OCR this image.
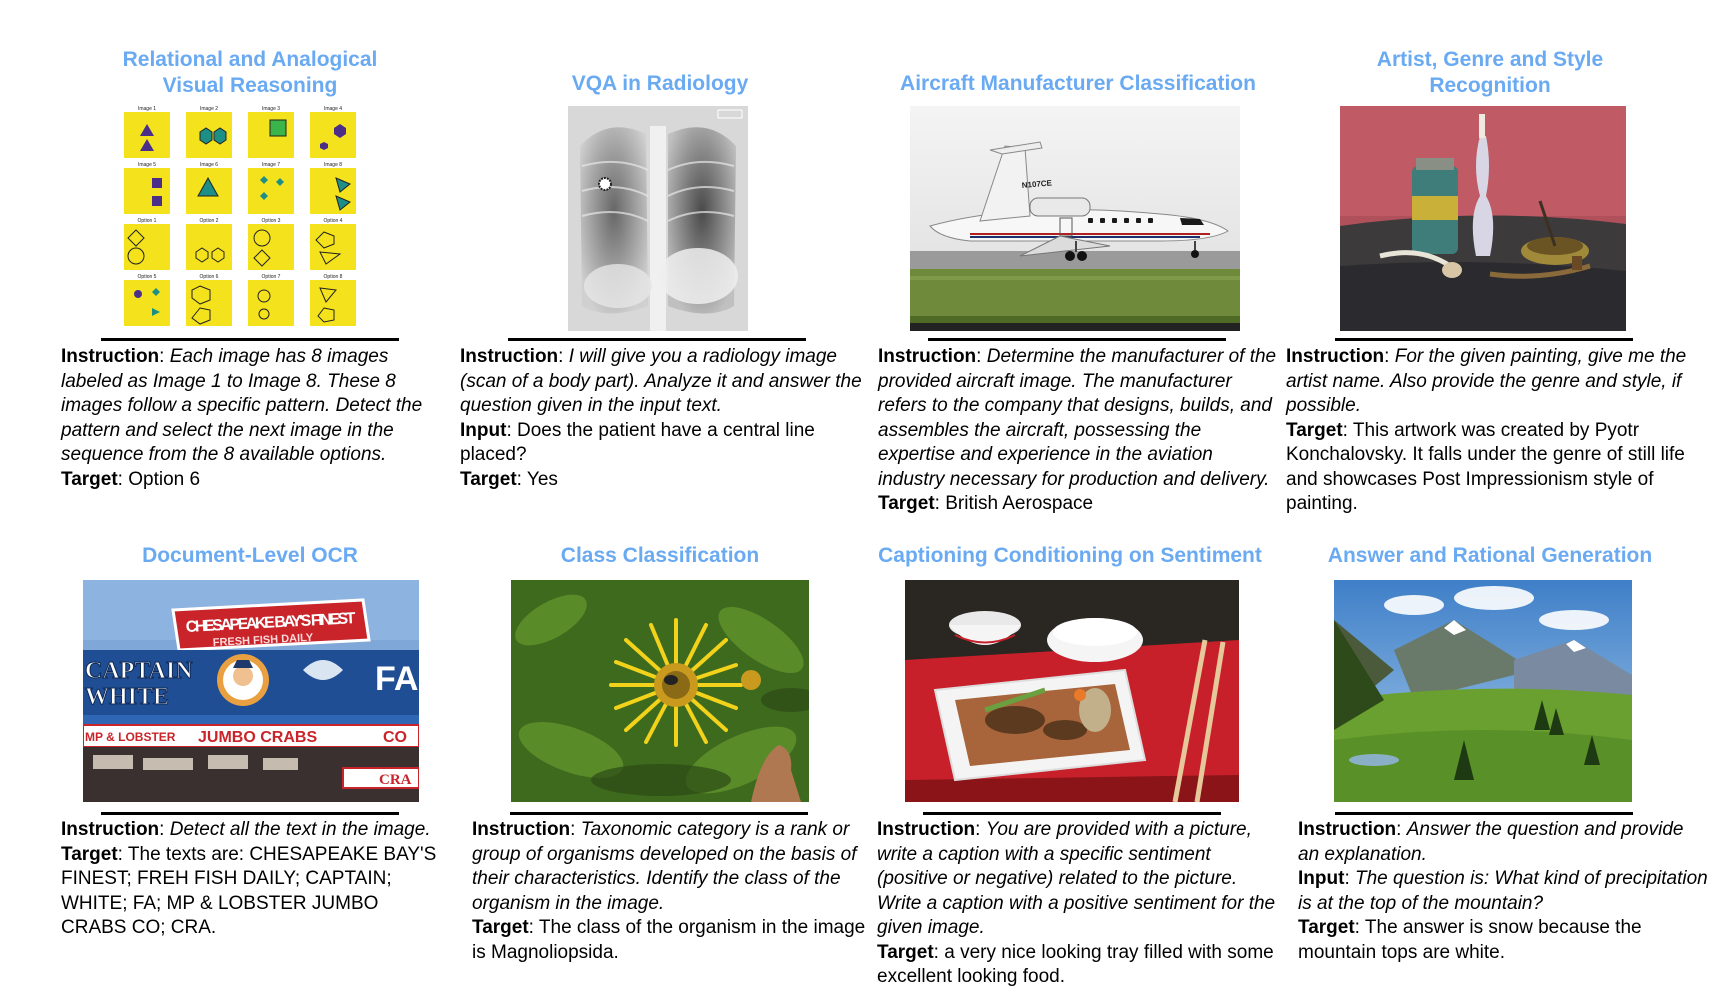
Relational and Analogical Visual Reasoning
Image 1	Image 2	Image 3	Image 4
Image 5	Image 6	Image 7	Image 8
Option 1	Option 2	Option 3	Option 4
Option 5	Option 6	Option 7	Option 8

Instruction: Each image has 8 images labeled as Image 1 to Image 8. These 8 images follow a specific pattern. Detect the pattern and select the next image in the sequence from the 8 available options.

Target: Option 6

VQA in Radiology

Instruction: I will give you a radiology image (scan of a body part). Analyze it and answer the question given in the input text.

Input: Does the patient have a central line placed?

Target: Yes

Aircraft Manufacturer Classification
N107CE

Instruction: Determine the manufacturer of the provided aircraft image. The manufacturer refers to the company that designs, builds, and assembles the aircraft, possessing the expertise and experience in the aviation industry necessary for production and delivery.

Target: British Aerospace

Artist, Genre and Style Recognition

Instruction: For the given painting, give me the artist name. Also provide the genre and style, if possible.

Target: This artwork was created by Pyotr Konchalovsky. It falls under the genre of still life and showcases Post Impressionism style of painting.

Document-Level OCR
CHESAPEAKE BAY'S FINEST
FRESH FISH DAILY
CAPTAIN
WHITE	FA
MP & LOBSTER JUMBO CRABS	CO
CRA

Instruction: Detect all the text in the image.

Target: The texts are: CHESAPEAKE BAY'S FINEST; FREH FISH DAILY; CAPTAIN; WHITE; FA; MP & LOBSTER JUMBO CRABS CO; CRA.

Class Classification

Instruction: Taxonomic category is a rank or group of organisms developed on the basis of their characteristics. Identify the class of the organism in the image.

Target: The class of the organism in the image is Magnoliopsida.

Captioning Conditioning on Sentiment

Instruction: You are provided with a picture, write a caption with a specific sentiment (positive or negative) related to the picture. Write a caption with a positive sentiment for the given image.

Target: a very nice looking tray filled with some excellent looking food.

Answer and Rational Generation

Instruction: Answer the question and provide an explanation.

Input: The question is: What kind of precipitation is at the top of the mountain?

Target: The answer is snow because the mountain tops are white.
